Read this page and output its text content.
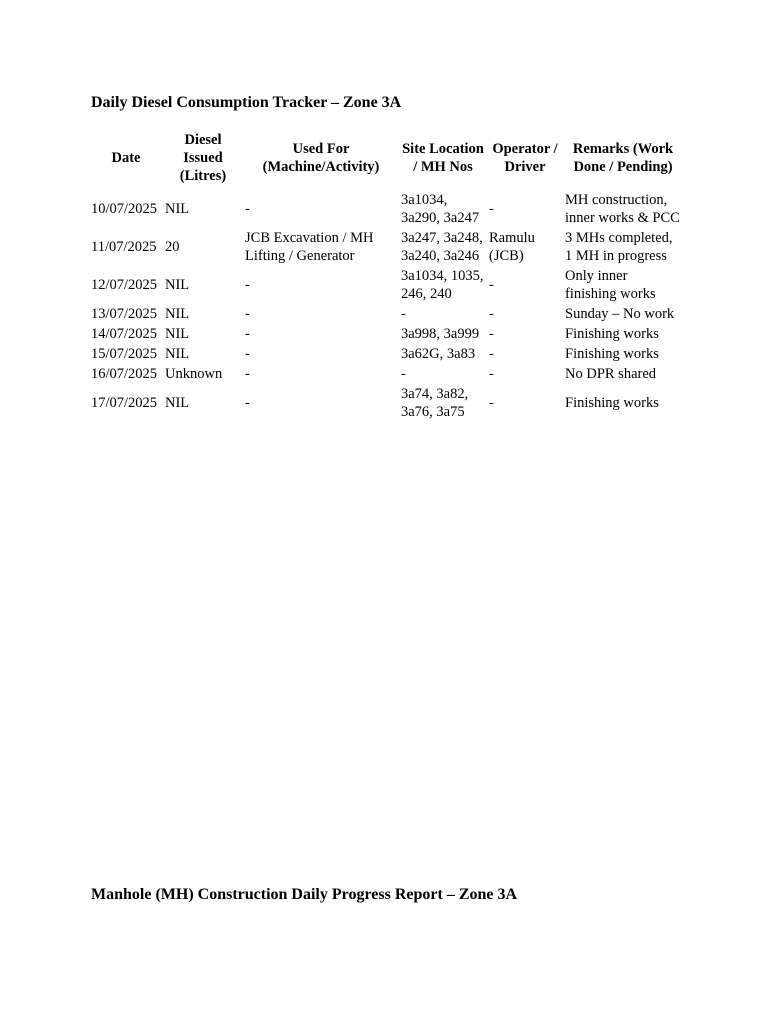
Daily Diesel Consumption Tracker – Zone 3A
Date	Diesel Issued (Litres)	Used For (Machine/Activity)	Site Location / MH Nos	Operator / Driver	Remarks (Work Done / Pending)
10/07/2025	NIL	-	3a1034, 3a290, 3a247	-	MH construction, inner works & PCC
11/07/2025	20	JCB Excavation / MH Lifting / Generator	3a247, 3a248, 3a240, 3a246	Ramulu (JCB)	3 MHs completed, 1 MH in progress
12/07/2025	NIL	-	3a1034, 1035, 246, 240	-	Only inner finishing works
13/07/2025	NIL	-	-	-	Sunday – No work
14/07/2025	NIL	-	3a998, 3a999	-	Finishing works
15/07/2025	NIL	-	3a62G, 3a83	-	Finishing works
16/07/2025	Unknown	-	-	-	No DPR shared
17/07/2025	NIL	-	3a74, 3a82, 3a76, 3a75	-	Finishing works
Manhole (MH) Construction Daily Progress Report – Zone 3A
